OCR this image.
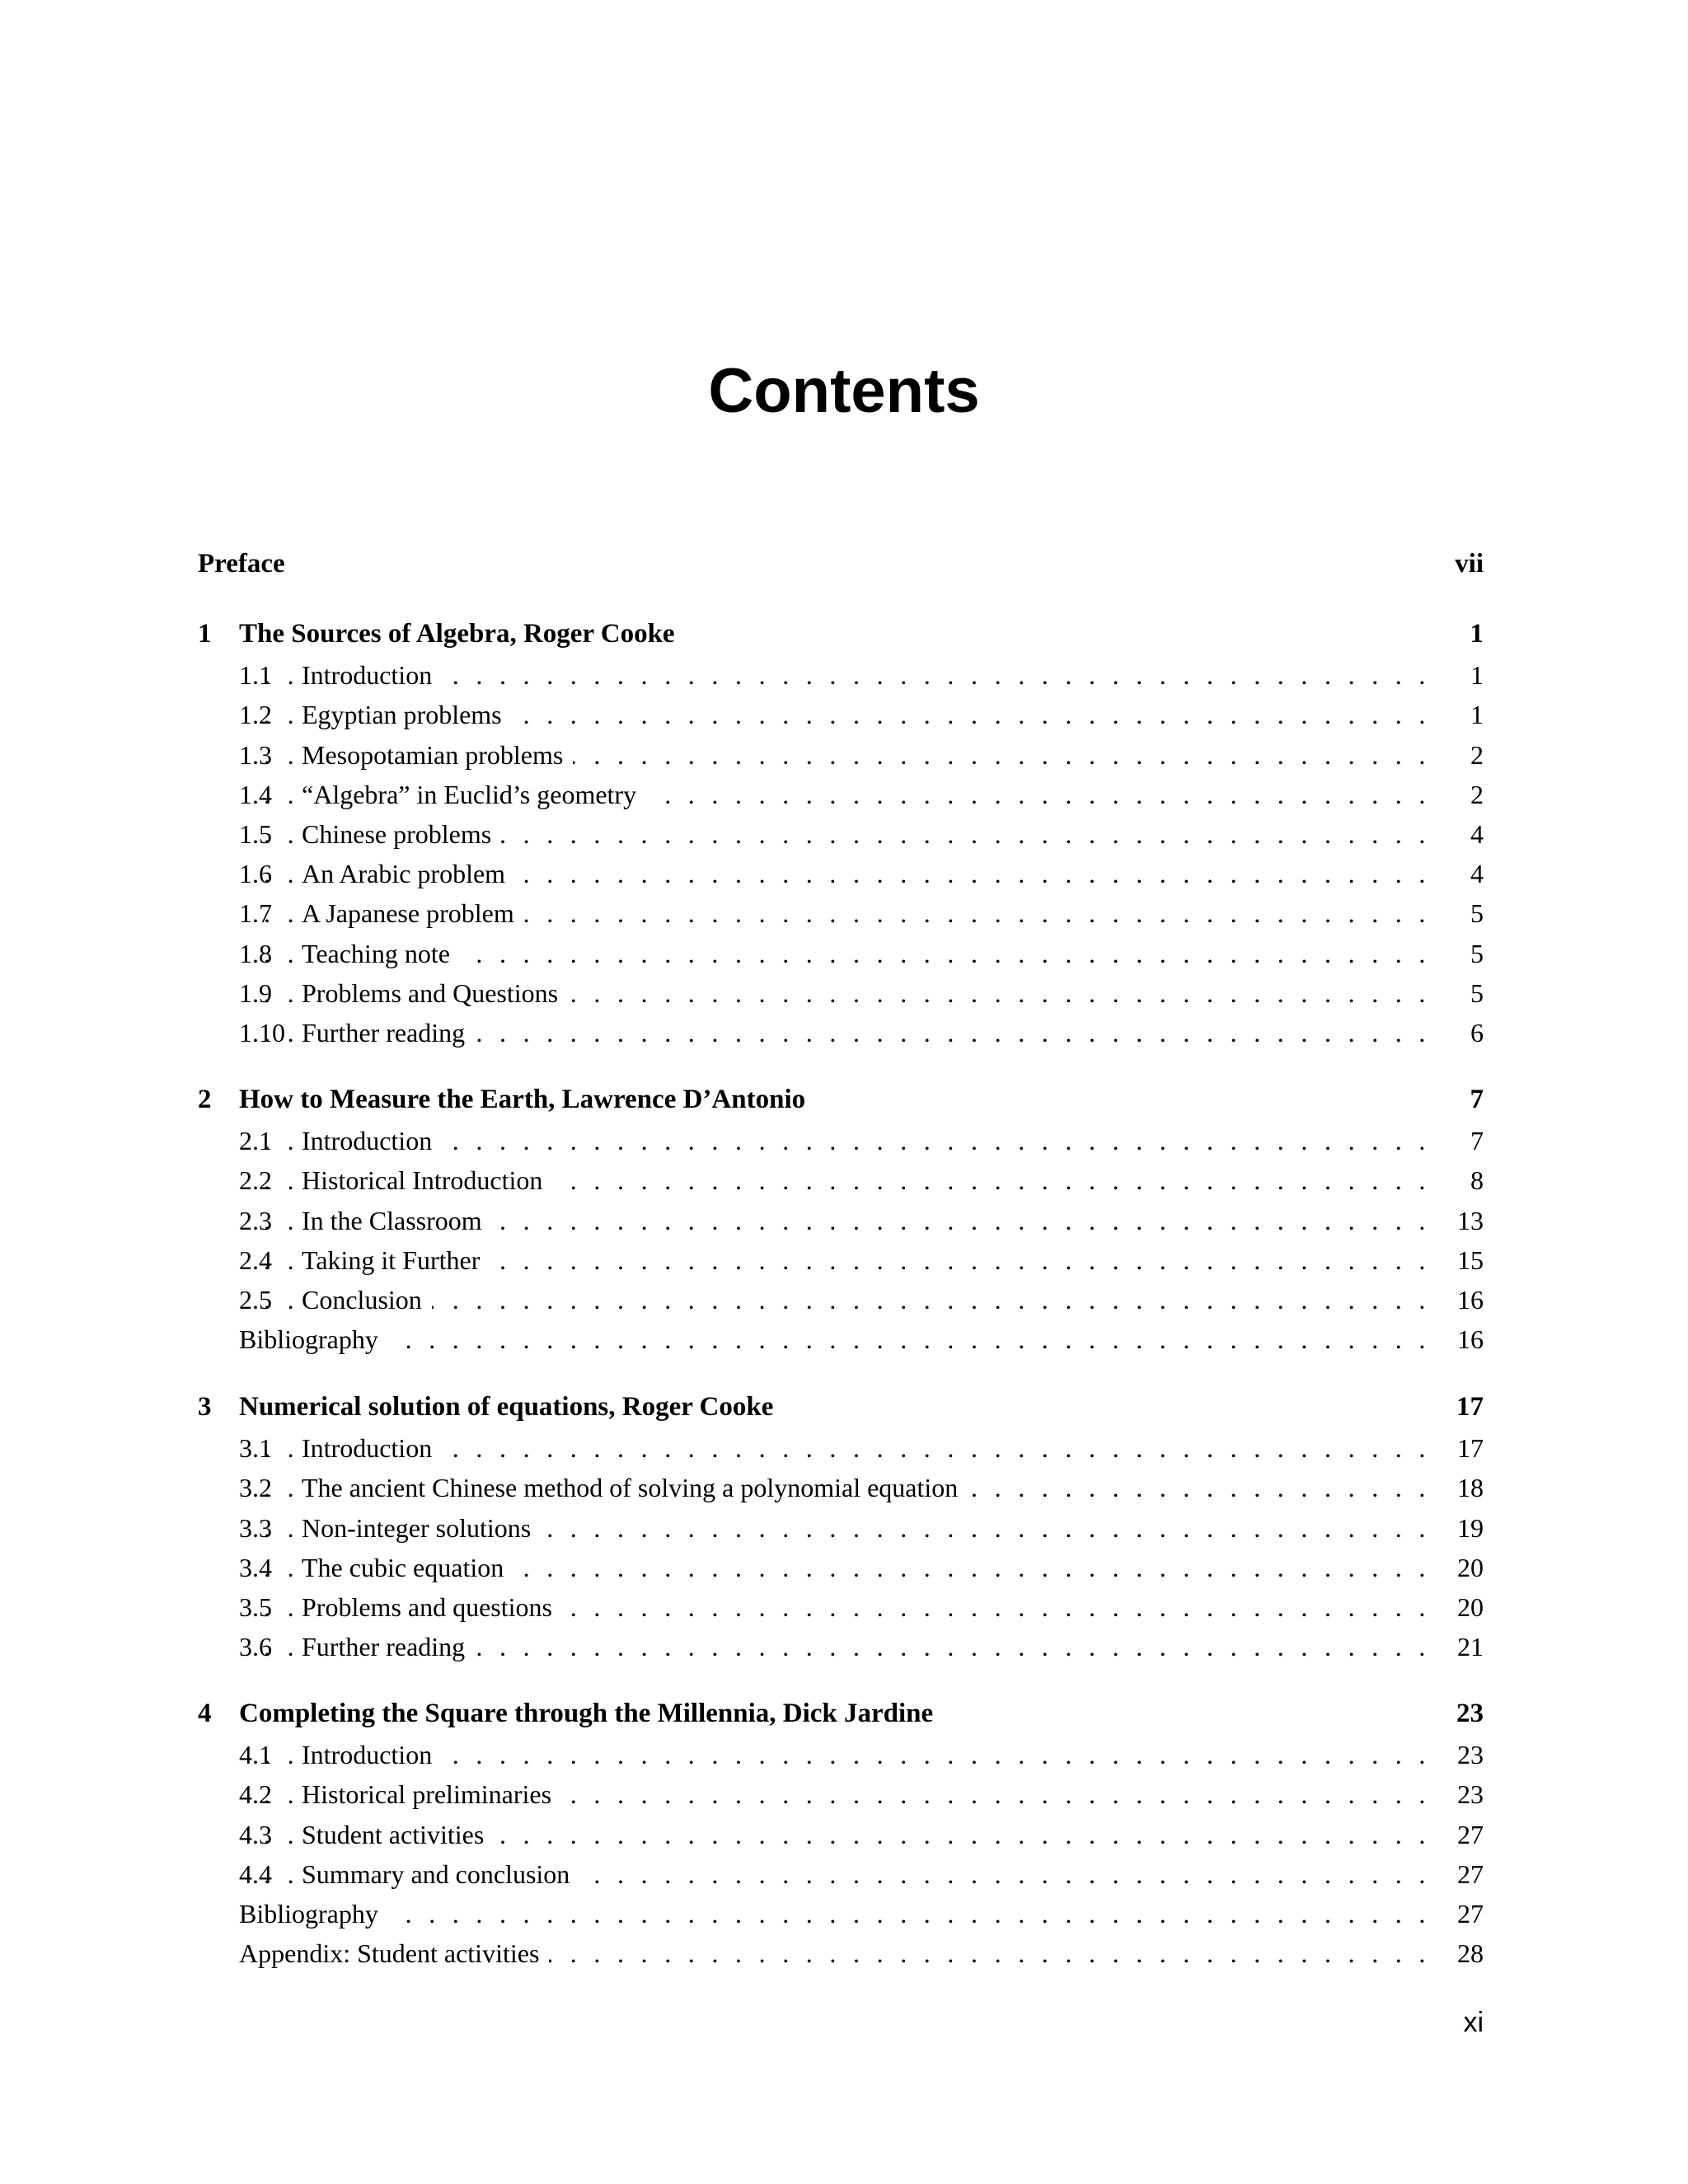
Contents
Preface	vii
1 The Sources of Algebra, Roger Cooke	1
1.1 . . . Introduction	1
1.2 . . . Egyptian problems	1
1.3 . . . Mesopotamian problems	2
1.4 . . . “Algebra” in Euclid’s geometry	2
1.5 . . . Chinese problems	4
1.6 . . . An Arabic problem	4
1.7 . . . A Japanese problem	5
1.8 . . . Teaching note	5
1.9 . . . Problems and Questions	5
1.10 . . . Further reading	6
2 How to Measure the Earth, Lawrence D’Antonio	7
2.1 . . . Introduction	7
2.2 . . . Historical Introduction	8
2.3 . . . In the Classroom	13
2.4 . . . Taking it Further	15
2.5 . . . Conclusion	16
. . .
Bibliography	16
3 Numerical solution of equations, Roger Cooke	17
3.1 . . . Introduction	17
3.2 . . . The ancient Chinese method of solving a polynomial equation	18
3.3 . . . Non-integer solutions	19
3.4 . . . The cubic equation	20
3.5 . . . Problems and questions	20
3.6 . . . Further reading	21
4 Completing the Square through the Millennia, Dick Jardine	23
4.1 . . . Introduction	23
4.2 . . . Historical preliminaries	23
4.3 . . . Student activities	27
4.4 . . . Summary and conclusion	27
. . .
Bibliography	27
. . .
Appendix: Student activities	28
xi
